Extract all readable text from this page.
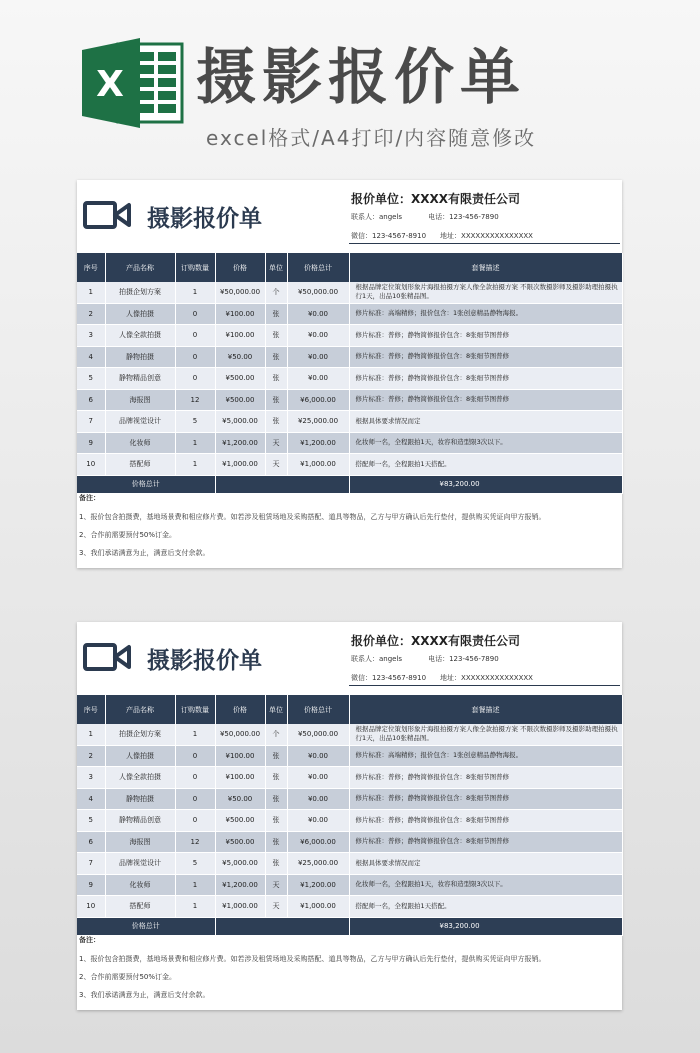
X 摄影报价单
excel格式/A4打印/内容随意修改
摄影报价单
报价单位：XXXX有限责任公司
联系人：angels	电话：123-456-7890
微信：123-4567-8910 地址：XXXXXXXXXXXXXXX
序号	产品名称	订购数量	价格	单位	价格总计	套餐描述
1	拍摄企划方案	1	¥50,000.00	个	¥50,000.00	根据品牌定位策划形象片海报拍摄方案人像全款拍摄方案 不限次数摄影师及摄影助理拍摄执行1天，出品10张精品图。
2	人像拍摄	0	¥100.00	张	¥0.00	修片标准：高端精修；报价包含：1张创意精品静物海报。
3	人像全款拍摄	0	¥100.00	张	¥0.00	修片标准：普修；静物简修报价包含：8张细节图普修
4	静物拍摄	0	¥50.00	张	¥0.00	修片标准：普修；静物简修报价包含：8张细节图普修
5	静物精品创意	0	¥500.00	张	¥0.00	修片标准：普修；静物简修报价包含：8张细节图普修
6	海报图	12	¥500.00	张	¥6,000.00	修片标准：普修；静物简修报价包含：8张细节图普修
7	品牌视觉设计	5	¥5,000.00	张	¥25,000.00	根据具体要求情况而定
9	化妆师	1	¥1,200.00	天	¥1,200.00	化妆师一名，全程跟拍1天，妆容和造型限3次以下。
10	搭配师	1	¥1,000.00	天	¥1,000.00	搭配师一名，全程跟拍1天搭配。
价格总计						¥83,200.00
备注：
1、报价包含拍摄费，基地场景费和相应修片费。如若涉及租赁场地及采购搭配、道具等物品，乙方与甲方确认后先行垫付，提供购买凭证向甲方报销。
2、合作前需要预付50%订金。
3、我们承诺满意为止，满意后支付余款。
摄影报价单
报价单位：XXXX有限责任公司
联系人：angels	电话：123-456-7890
微信：123-4567-8910 地址：XXXXXXXXXXXXXXX
序号	产品名称	订购数量	价格	单位	价格总计	套餐描述
1	拍摄企划方案	1	¥50,000.00	个	¥50,000.00	根据品牌定位策划形象片海报拍摄方案人像全款拍摄方案 不限次数摄影师及摄影助理拍摄执行1天，出品10张精品图。
2	人像拍摄	0	¥100.00	张	¥0.00	修片标准：高端精修；报价包含：1张创意精品静物海报。
3	人像全款拍摄	0	¥100.00	张	¥0.00	修片标准：普修；静物简修报价包含：8张细节图普修
4	静物拍摄	0	¥50.00	张	¥0.00	修片标准：普修；静物简修报价包含：8张细节图普修
5	静物精品创意	0	¥500.00	张	¥0.00	修片标准：普修；静物简修报价包含：8张细节图普修
6	海报图	12	¥500.00	张	¥6,000.00	修片标准：普修；静物简修报价包含：8张细节图普修
7	品牌视觉设计	5	¥5,000.00	张	¥25,000.00	根据具体要求情况而定
9	化妆师	1	¥1,200.00	天	¥1,200.00	化妆师一名，全程跟拍1天，妆容和造型限3次以下。
10	搭配师	1	¥1,000.00	天	¥1,000.00	搭配师一名，全程跟拍1天搭配。
价格总计						¥83,200.00
备注：
1、报价包含拍摄费，基地场景费和相应修片费。如若涉及租赁场地及采购搭配、道具等物品，乙方与甲方确认后先行垫付，提供购买凭证向甲方报销。
2、合作前需要预付50%订金。
3、我们承诺满意为止，满意后支付余款。
